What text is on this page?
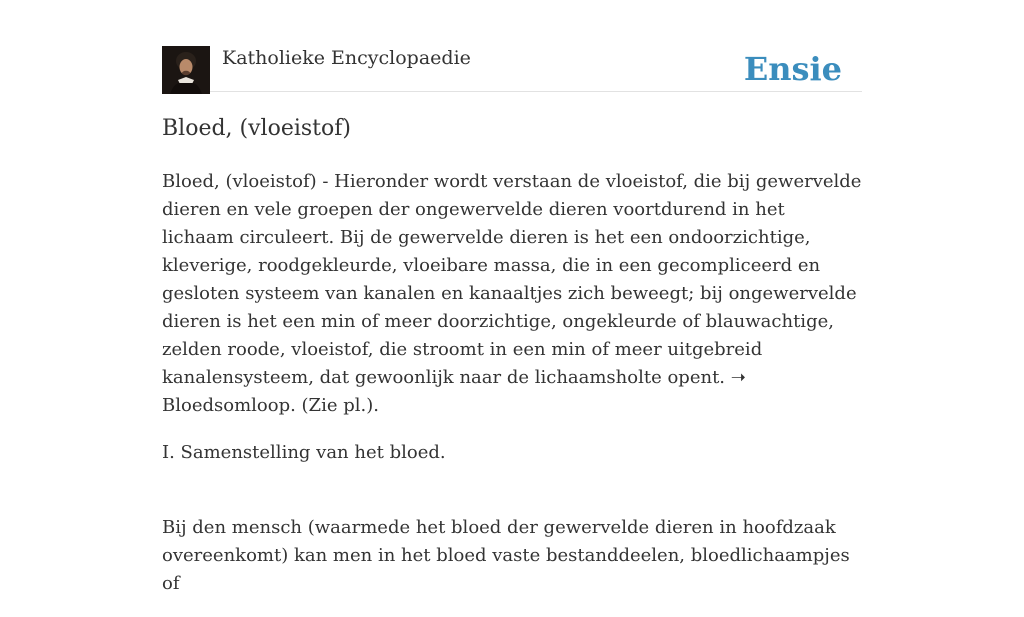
Katholieke Encyclopaedie	Ensie
Bloed, (vloeistof)

Bloed, (vloeistof) - Hieronder wordt verstaan de vloeistof, die bij gewervelde dieren en vele groepen der ongewervelde dieren voortdurend in het lichaam circuleert. Bij de gewervelde dieren is het een ondoorzichtige, kleverige, roodgekleurde, vloeibare massa, die in een gecompliceerd en gesloten systeem van kanalen en kanaaltjes zich beweegt; bij ongewervelde dieren is het een min of meer doorzichtige, ongekleurde of blauwachtige, zelden roode, vloeistof, die stroomt in een min of meer uitgebreid kanalensysteem, dat gewoonlijk naar de lichaamsholte opent. ➝ Bloedsomloop. (Zie pl.).

I. Samenstelling van het bloed.

Bij den mensch (waarmede het bloed der gewervelde dieren in hoofdzaak overeenkomt) kan men in het bloed vaste bestanddeelen, bloedlichaampjes of
